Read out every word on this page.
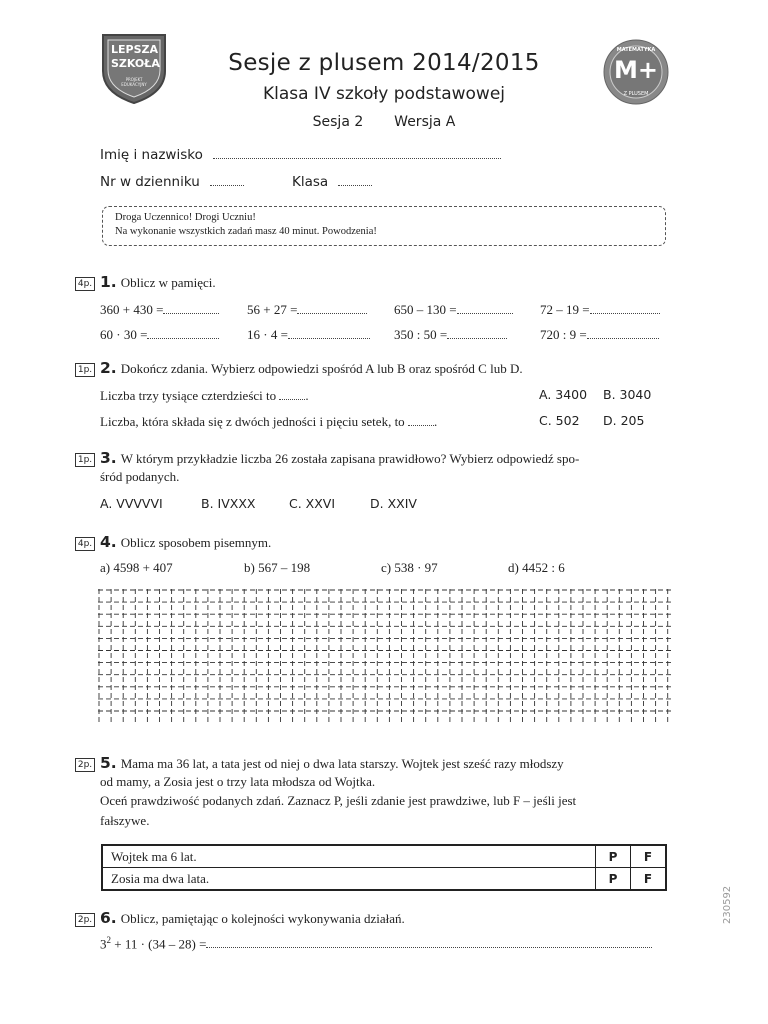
LEPSZA SZKOŁA
PROJEKT EDUKACYJNY
Sesje z plusem 2014/2015
Klasa IV szkoły podstawowej
Sesja 2 Wersja A
MATEMATYKA
M+
Z PLUSEM
Imię i nazwisko
Nr w dzienniku	Klasa
Droga Uczennico! Drogi Uczniu!
Na wykonanie wszystkich zadań masz 40 minut. Powodzenia!
4p. 1. Oblicz w pamięci.
360 + 430 =	56 + 27 =	650 – 130 =	72 – 19 =
60 · 30 =	16 · 4 =	350 : 50 =	720 : 9 =
1p. 2. Dokończ zdania. Wybierz odpowiedzi spośród A lub B oraz spośród C lub D.
Liczba trzy tysiące czterdzieści to .	A. 3400 B. 3040
Liczba, która składa się z dwóch jedności i pięciu setek, to .	C. 502 D. 205
1p. 3. W którym przykładzie liczba 26 została zapisana prawidłowo? Wybierz odpowiedź spo-
śród podanych.
A. VVVVVI	B. IVXXX	C. XXVI	D. XXIV
4p. 4. Oblicz sposobem pisemnym.
a) 4598 + 407	b) 567 – 198	c) 538 · 97	d) 4452 : 6
2p. 5. Mama ma 36 lat, a tata jest od niej o dwa lata starszy. Wojtek jest sześć razy młodszy
od mamy, a Zosia jest o trzy lata młodsza od Wojtka.
Oceń prawdziwość podanych zdań. Zaznacz P, jeśli zdanie jest prawdziwe, lub F – jeśli jest
fałszywe.
Wojtek ma 6 lat.	P	F
Zosia ma dwa lata.	P	F
2p. 6. Oblicz, pamiętając o kolejności wykonywania działań.
$3^2 + 11 \cdot (34 - 28)$ =
230592
